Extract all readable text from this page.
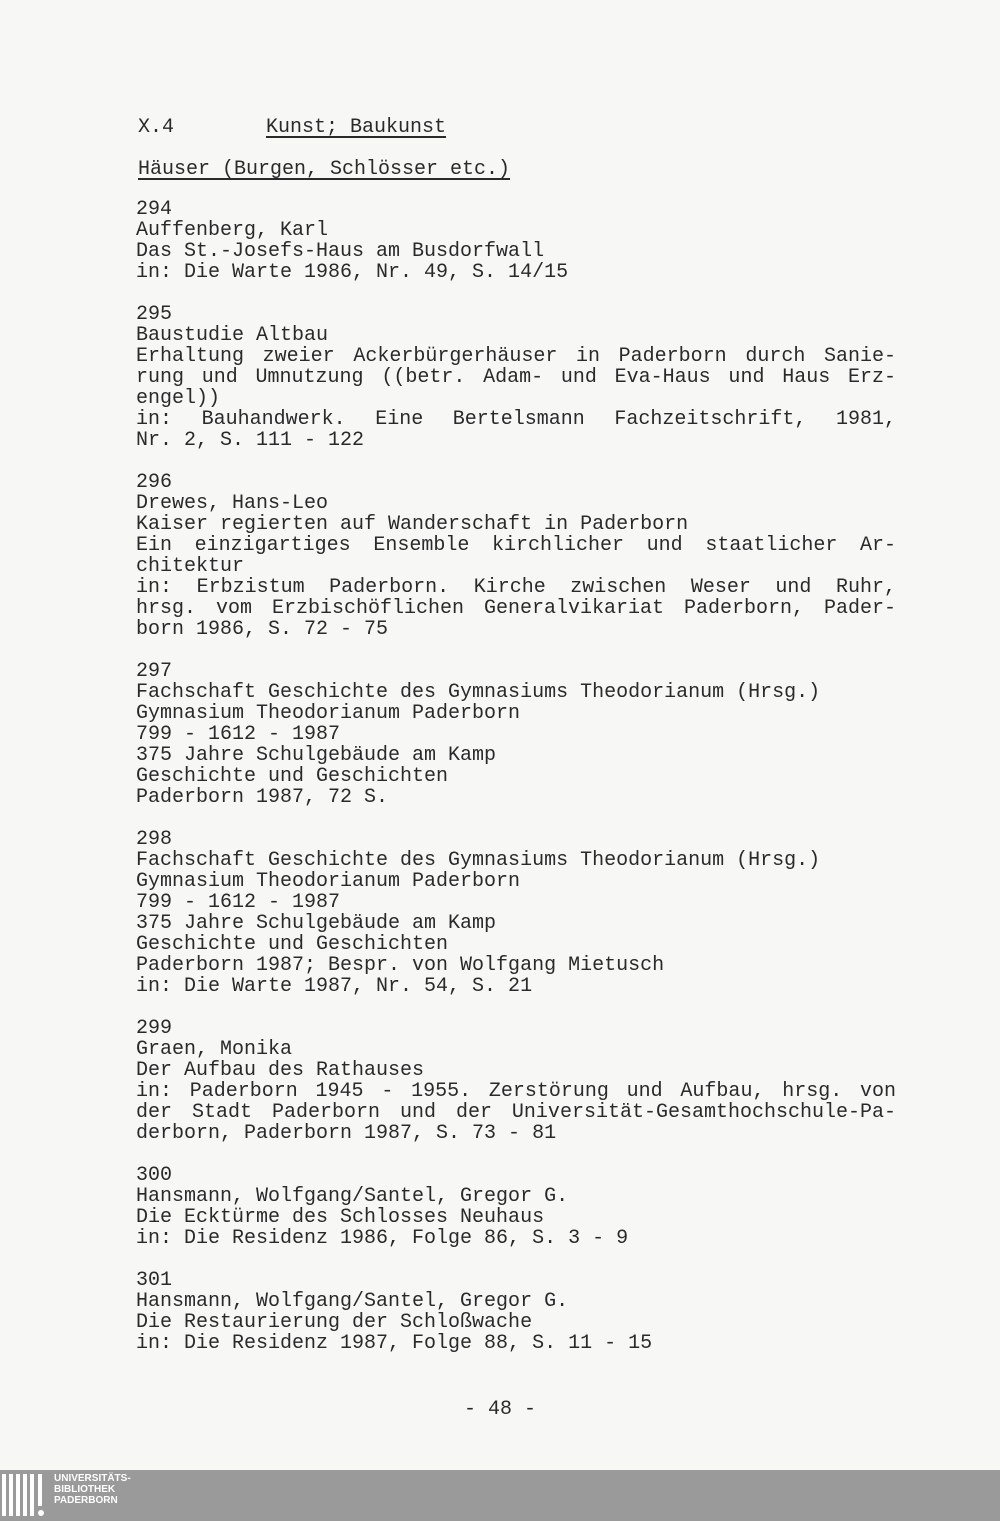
X.4	Kunst; Baukunst
Häuser (Burgen, Schlösser etc.)
294
Auffenberg, Karl
Das St.-Josefs-Haus am Busdorfwall
in: Die Warte 1986, Nr. 49, S. 14/15
295
Baustudie Altbau
Erhaltung zweier Ackerbürgerhäuser in Paderborn durch Sanie-
rung und Umnutzung ((betr. Adam- und Eva-Haus und Haus Erz-
engel))
in: Bauhandwerk. Eine Bertelsmann Fachzeitschrift, 1981,
Nr. 2, S. 111 - 122
296
Drewes, Hans-Leo
Kaiser regierten auf Wanderschaft in Paderborn
Ein einzigartiges Ensemble kirchlicher und staatlicher Ar-
chitektur
in: Erbzistum Paderborn. Kirche zwischen Weser und Ruhr,
hrsg. vom Erzbischöflichen Generalvikariat Paderborn, Pader-
born 1986, S. 72 - 75
297
Fachschaft Geschichte des Gymnasiums Theodorianum (Hrsg.)
Gymnasium Theodorianum Paderborn
799 - 1612 - 1987
375 Jahre Schulgebäude am Kamp
Geschichte und Geschichten
Paderborn 1987, 72 S.
298
Fachschaft Geschichte des Gymnasiums Theodorianum (Hrsg.)
Gymnasium Theodorianum Paderborn
799 - 1612 - 1987
375 Jahre Schulgebäude am Kamp
Geschichte und Geschichten
Paderborn 1987; Bespr. von Wolfgang Mietusch
in: Die Warte 1987, Nr. 54, S. 21
299
Graen, Monika
Der Aufbau des Rathauses
in: Paderborn 1945 - 1955. Zerstörung und Aufbau, hrsg. von
der Stadt Paderborn und der Universität-Gesamthochschule-Pa-
derborn, Paderborn 1987, S. 73 - 81
300
Hansmann, Wolfgang/Santel, Gregor G.
Die Ecktürme des Schlosses Neuhaus
in: Die Residenz 1986, Folge 86, S. 3 - 9
301
Hansmann, Wolfgang/Santel, Gregor G.
Die Restaurierung der Schloßwache
in: Die Residenz 1987, Folge 88, S. 11 - 15
- 48 -
UNIVERSITÄTS-
BIBLIOTHEK
PADERBORN
